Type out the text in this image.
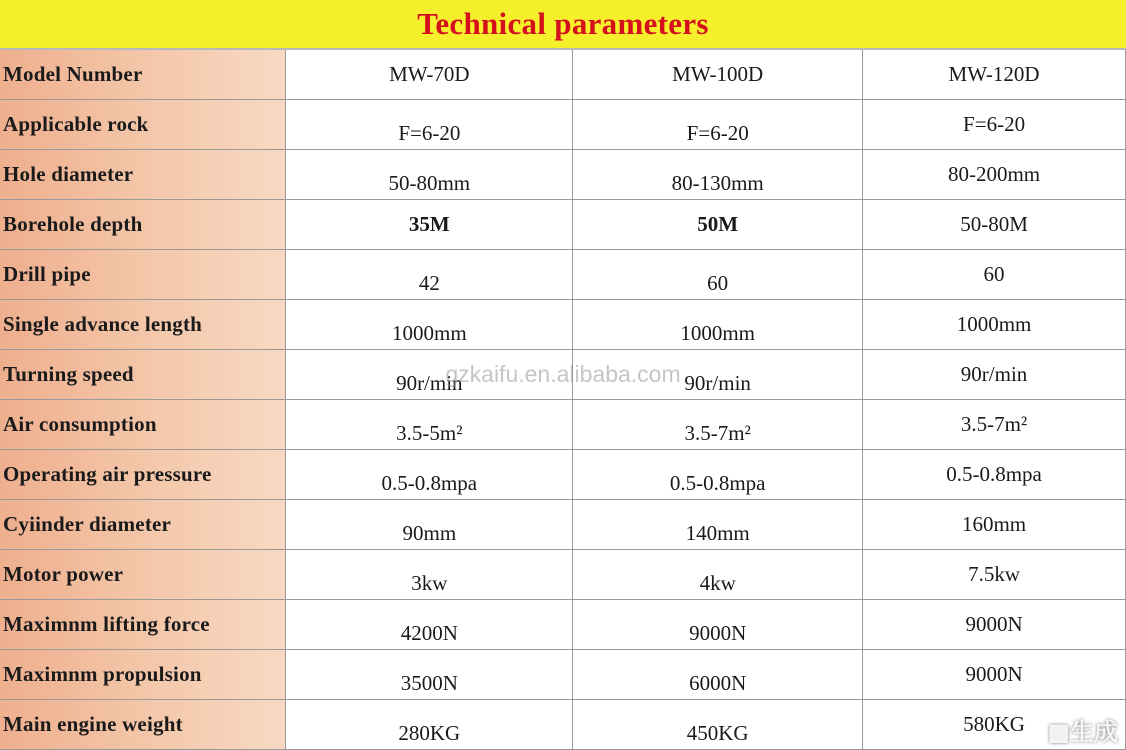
Technical parameters
Model Number	MW-70D	MW-100D	MW-120D
Applicable rock	F=6-20	F=6-20	F=6-20
Hole diameter	50-80mm	80-130mm	80-200mm
Borehole depth	35M	50M	50-80M
Drill pipe	42	60	60
Single advance length	1000mm	1000mm	1000mm
Turning speed	90r/min	90r/min	90r/min
Air consumption	3.5-5m²	3.5-7m²	3.5-7m²
Operating air pressure	0.5-0.8mpa	0.5-0.8mpa	0.5-0.8mpa
Cyiinder diameter	90mm	140mm	160mm
Motor power	3kw	4kw	7.5kw
Maximnm lifting force	4200N	9000N	9000N
Maximnm propulsion	3500N	6000N	9000N
Main engine weight	280KG	450KG	580KG
gzkaifu.en.alibaba.com
■生成
